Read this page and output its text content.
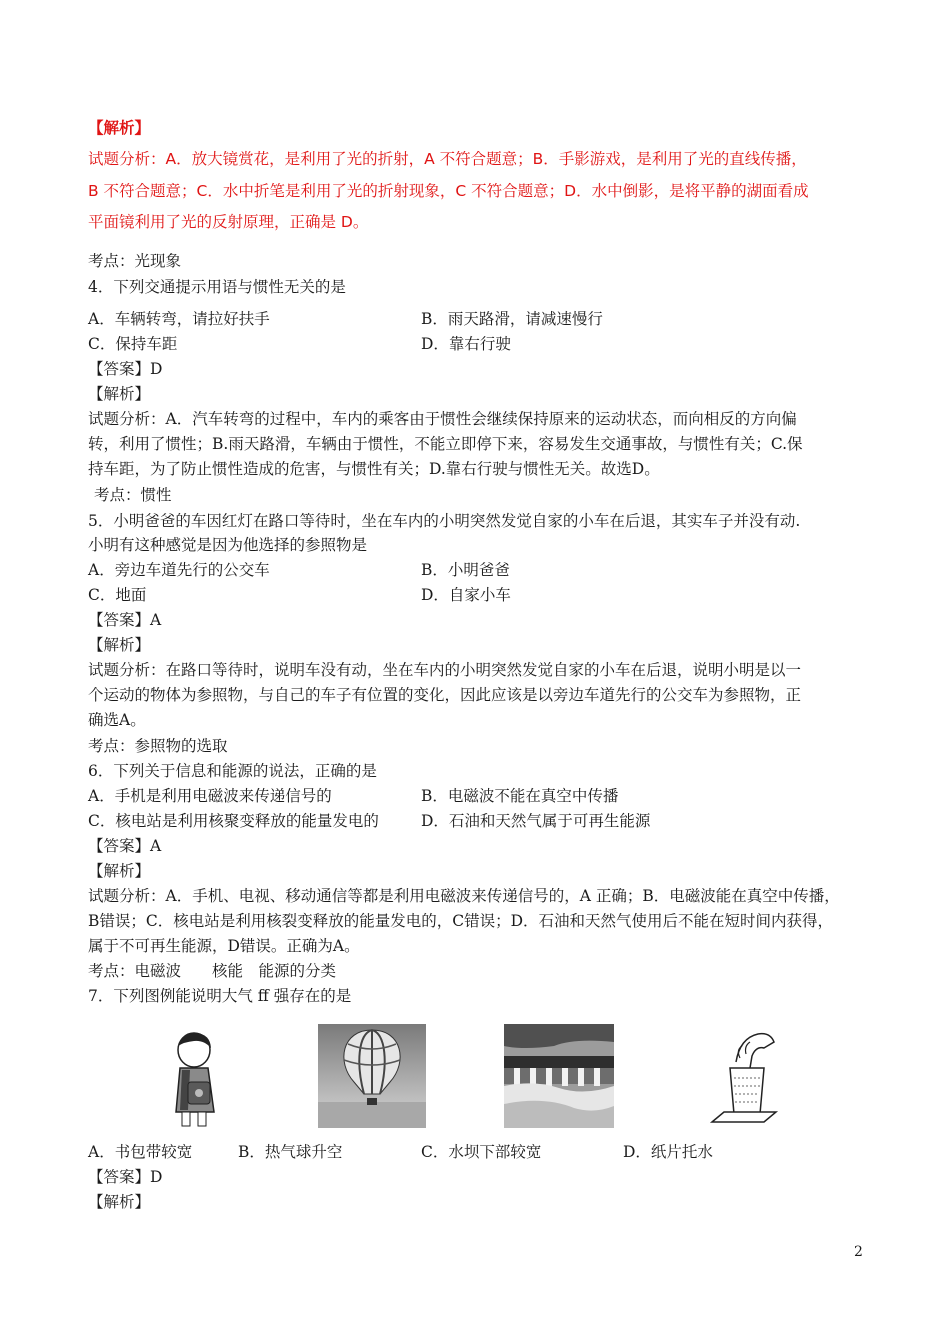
【解析】
试题分析：A．放大镜赏花，是利用了光的折射，A 不符合题意；B．手影游戏，是利用了光的直线传播，
B 不符合题意；C．水中折笔是利用了光的折射现象，C 不符合题意；D．水中倒影，是将平静的湖面看成
平面镜利用了光的反射原理，正确是 D。
考点：光现象
4．下列交通提示用语与惯性无关的是
A．车辆转弯，请拉好扶手	B．雨天路滑，请减速慢行
C．保持车距	D．靠右行驶
【答案】D
【解析】
试题分析：A．汽车转弯的过程中，车内的乘客由于惯性会继续保持原来的运动状态，而向相反的方向偏
转，利用了惯性；B.雨天路滑，车辆由于惯性，不能立即停下来，容易发生交通事故，与惯性有关；C.保
持车距，为了防止惯性造成的危害，与惯性有关；D.靠右行驶与惯性无关。故选D。
考点：惯性
5．小明爸爸的车因红灯在路口等待时，坐在车内的小明突然发觉自家的小车在后退，其实车子并没有动.
小明有这种感觉是因为他选择的参照物是
A．旁边车道先行的公交车	B．小明爸爸
C．地面	D．自家小车
【答案】A
【解析】
试题分析：在路口等待时，说明车没有动，坐在车内的小明突然发觉自家的小车在后退，说明小明是以一
个运动的物体为参照物，与自己的车子有位置的变化，因此应该是以旁边车道先行的公交车为参照物，正
确选A。
考点：参照物的选取
6．下列关于信息和能源的说法，正确的是
A．手机是利用电磁波来传递信号的	B．电磁波不能在真空中传播
C．核电站是利用核聚变释放的能量发电的	D．石油和天然气属于可再生能源
【答案】A
【解析】
试题分析：A．手机、电视、移动通信等都是利用电磁波来传递信号的，A 正确；B．电磁波能在真空中传播，
B错误；C．核电站是利用核裂变释放的能量发电的，C错误；D．石油和天然气使用后不能在短时间内获得，
属于不可再生能源，D错误。正确为A。
考点：电磁波　　核能　能源的分类
7．下列图例能说明大气 ff 强存在的是
A．书包带较宽	B．热气球升空	C．水坝下部较宽	D．纸片托水
【答案】D
【解析】
2
